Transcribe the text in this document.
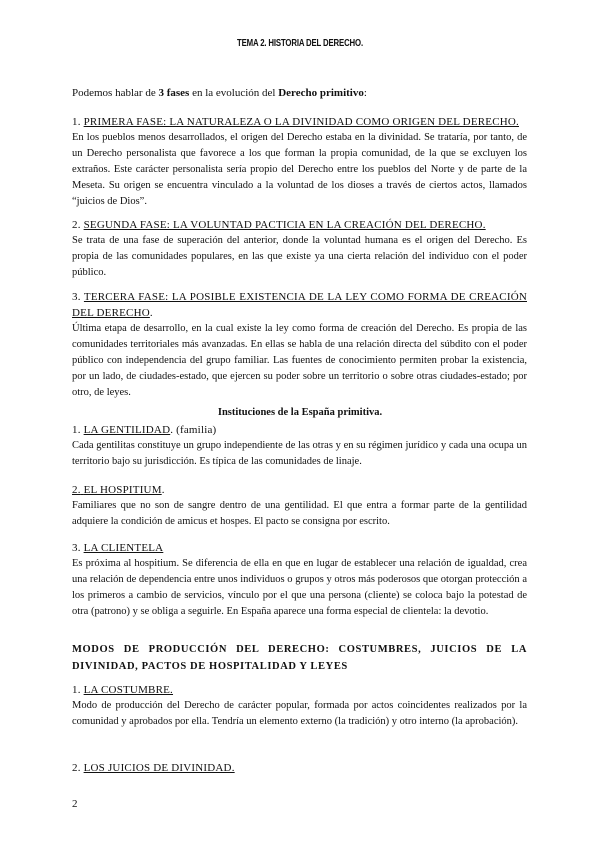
TEMA 2. HISTORIA DEL DERECHO.
Podemos hablar de 3 fases en la evolución del Derecho primitivo:
1. PRIMERA FASE: LA NATURALEZA O LA DIVINIDAD COMO ORIGEN DEL DERECHO.
En los pueblos menos desarrollados, el origen del Derecho estaba en la divinidad. Se trataría, por tanto, de un Derecho personalista que favorece a los que forman la propia comunidad, de la que se excluyen los extraños. Este carácter personalista sería propio del Derecho entre los pueblos del Norte y de parte de la Meseta. Su origen se encuentra vinculado a la voluntad de los dioses a través de ciertos actos, llamados “juicios de Dios”.
2. SEGUNDA FASE: LA VOLUNTAD PACTICIA EN LA CREACIÓN DEL DERECHO.
Se trata de una fase de superación del anterior, donde la voluntad humana es el origen del Derecho. Es propia de las comunidades populares, en las que existe ya una cierta relación del individuo con el poder público.
3. TERCERA FASE: LA POSIBLE EXISTENCIA DE LA LEY COMO FORMA DE CREACIÓN DEL DERECHO.
Última etapa de desarrollo, en la cual existe la ley como forma de creación del Derecho. Es propia de las comunidades territoriales más avanzadas. En ellas se habla de una relación directa del súbdito con el poder público con independencia del grupo familiar. Las fuentes de conocimiento permiten probar la existencia, por un lado, de ciudades-estado, que ejercen su poder sobre un territorio o sobre otras ciudades-estado; por otro, de leyes.
Instituciones de la España primitiva.
1. LA GENTILIDAD. (familia)
Cada gentilitas constituye un grupo independiente de las otras y en su régimen jurídico y cada una ocupa un territorio bajo su jurisdicción. Es típica de las comunidades de linaje.
2. EL HOSPITIUM.
Familiares que no son de sangre dentro de una gentilidad. El que entra a formar parte de la gentilidad adquiere la condición de amicus et hospes. El pacto se consigna por escrito.
3. LA CLIENTELA
Es próxima al hospitium. Se diferencia de ella en que en lugar de establecer una relación de igualdad, crea una relación de dependencia entre unos individuos o grupos y otros más poderosos que otorgan protección a los primeros a cambio de servicios, vínculo por el que una persona (cliente) se coloca bajo la potestad de otra (patrono) y se obliga a seguirle. En España aparece una forma especial de clientela: la devotio.
MODOS DE PRODUCCIÓN DEL DERECHO: COSTUMBRES, JUICIOS DE LA DIVINIDAD, PACTOS DE HOSPITALIDAD Y LEYES
1. LA COSTUMBRE.
Modo de producción del Derecho de carácter popular, formada por actos coincidentes realizados por la comunidad y aprobados por ella. Tendría un elemento externo (la tradición) y otro interno (la aprobación).
2. LOS JUICIOS DE DIVINIDAD.
2
